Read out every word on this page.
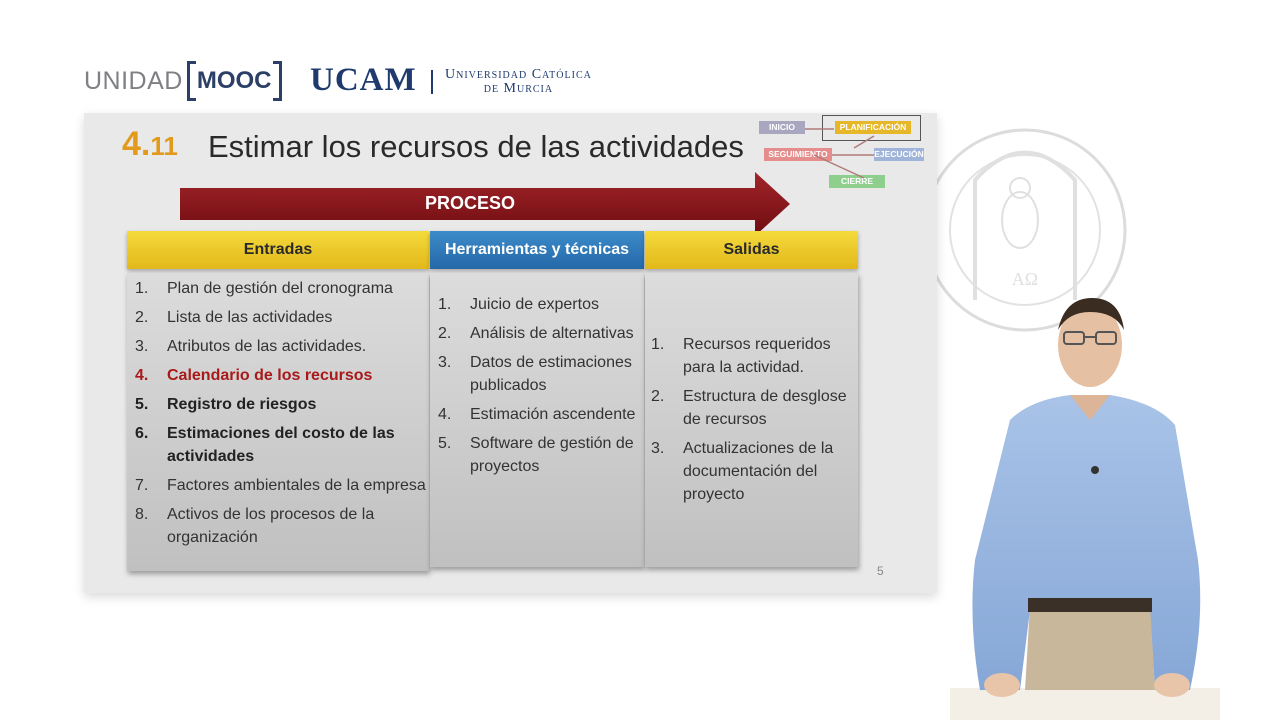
UNIDAD MOOC UCAM Universidad Católica
de Murcia
ΑΩ
4.11 Estimar los recursos de las actividades
INICIO	PLANIFICACIÓN
SEGUIMIENTO	EJECUCIÓN
CIERRE
PROCESO
Entradas
1.	Plan de gestión del cronograma
2.	Lista de las actividades
3.	Atributos de las actividades.
4.	Calendario de los recursos
5.	Registro de riesgos
6.	Estimaciones del costo de las actividades
7.	Factores ambientales de la empresa
8.	Activos de los procesos de la organización
Herramientas y técnicas
1.	Juicio de expertos
2.	Análisis de alternativas
3.	Datos de estimaciones publicados
4.	Estimación ascendente
5.	Software de gestión de proyectos
Salidas
1.	Recursos requeridos para la actividad.
2.	Estructura de desglose de recursos
3.	Actualizaciones de la documentación del proyecto
5
